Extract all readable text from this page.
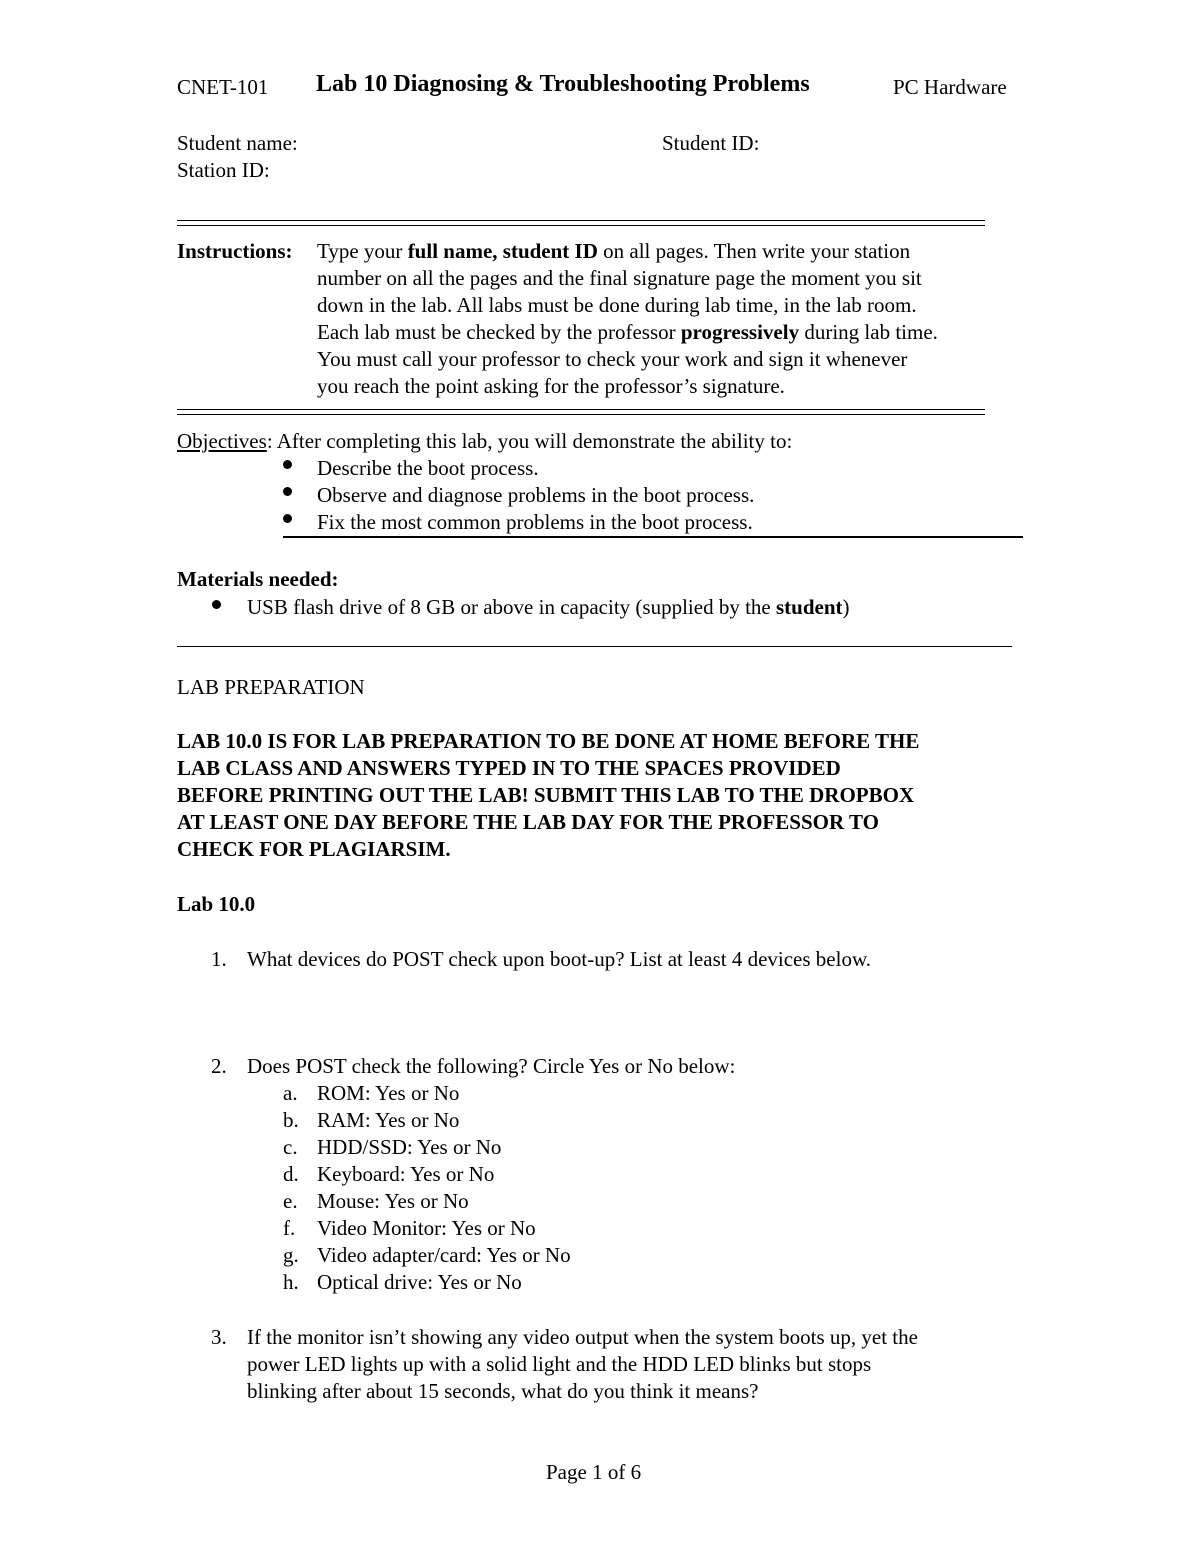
CNET-101 Lab 10 Diagnosing & Troubleshooting Problems	PC Hardware
Student name:	Student ID:
Station ID:
Instructions: Type your full name, student ID on all pages. Then write your station
number on all the pages and the final signature page the moment you sit
down in the lab. All labs must be done during lab time, in the lab room.
Each lab must be checked by the professor progressively during lab time.
You must call your professor to check your work and sign it whenever
you reach the point asking for the professor’s signature.
Objectives: After completing this lab, you will demonstrate the ability to:
Describe the boot process.
Observe and diagnose problems in the boot process.
Fix the most common problems in the boot process.
Materials needed:
USB flash drive of 8 GB or above in capacity (supplied by the student)
LAB PREPARATION
LAB 10.0 IS FOR LAB PREPARATION TO BE DONE AT HOME BEFORE THE
LAB CLASS AND ANSWERS TYPED IN TO THE SPACES PROVIDED
BEFORE PRINTING OUT THE LAB! SUBMIT THIS LAB TO THE DROPBOX
AT LEAST ONE DAY BEFORE THE LAB DAY FOR THE PROFESSOR TO
CHECK FOR PLAGIARSIM.
Lab 10.0
1. What devices do POST check upon boot-up? List at least 4 devices below.
2. Does POST check the following? Circle Yes or No below:
a. ROM: Yes or No
b. RAM: Yes or No
c. HDD/SSD: Yes or No
d. Keyboard: Yes or No
e. Mouse: Yes or No
f. Video Monitor: Yes or No
g. Video adapter/card: Yes or No
h. Optical drive: Yes or No
3. If the monitor isn’t showing any video output when the system boots up, yet the
power LED lights up with a solid light and the HDD LED blinks but stops
blinking after about 15 seconds, what do you think it means?
Page 1 of 6
